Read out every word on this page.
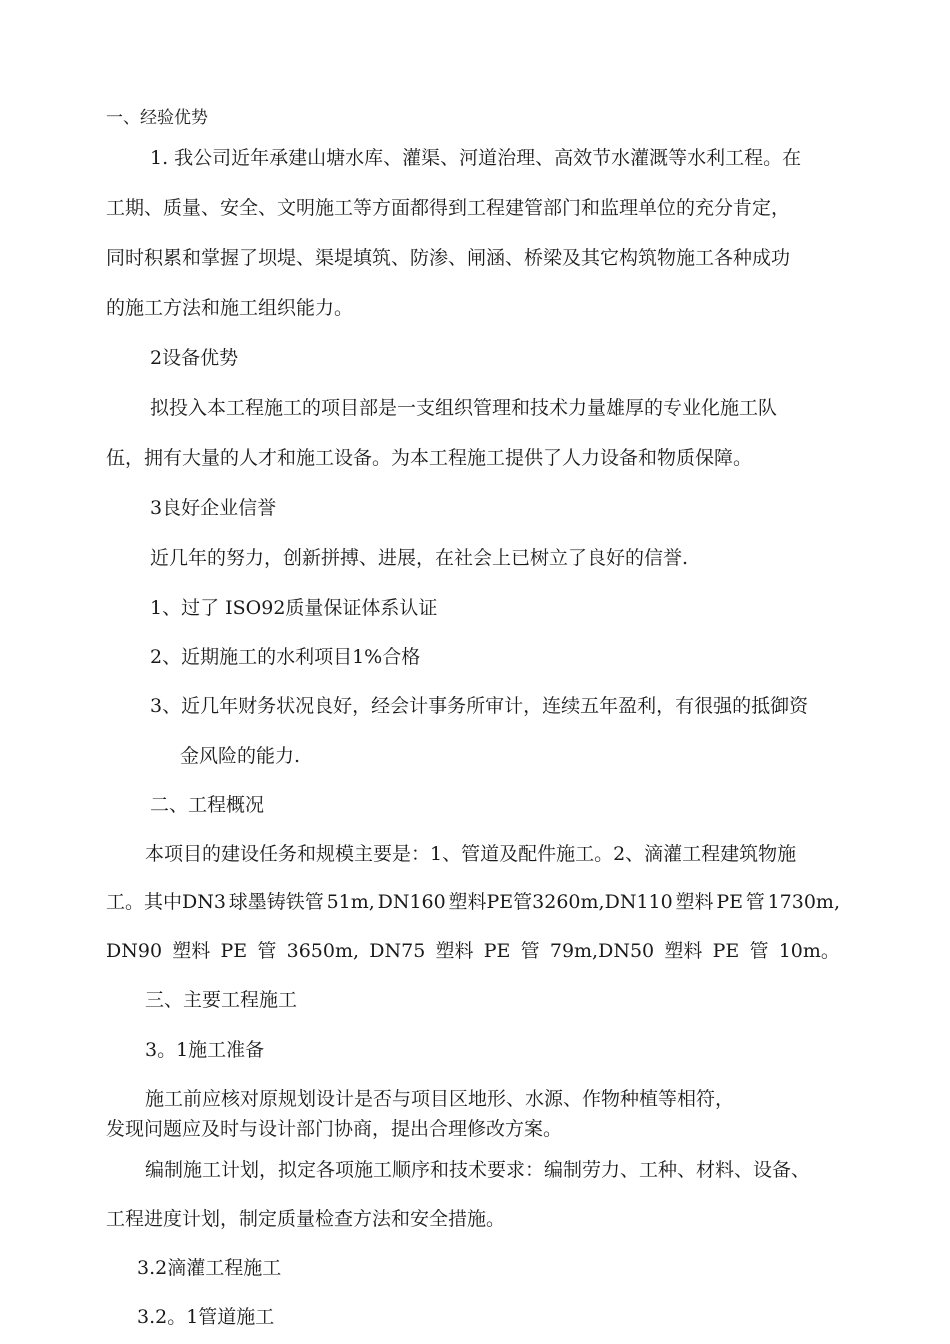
一、经验优势
1. 我公司近年承建山塘水库、灌渠、河道治理、高效节水灌溉等水利工程。在
工期、质量、安全、文明施工等方面都得到工程建管部门和监理单位的充分肯定，
同时积累和掌握了坝堤、渠堤填筑、防渗、闸涵、桥梁及其它构筑物施工各种成功
的施工方法和施工组织能力。
2设备优势
拟投入本工程施工的项目部是一支组织管理和技术力量雄厚的专业化施工队
伍，拥有大量的人才和施工设备。为本工程施工提供了人力设备和物质保障。
3良好企业信誉
近几年的努力，创新拼搏、进展，在社会上已树立了良好的信誉.
1、过了 ISO92质量保证体系认证
2、近期施工的水利项目1%合格
3、近几年财务状况良好，经会计事务所审计，连续五年盈利，有很强的抵御资
金风险的能力.
二、工程概况
本项目的建设任务和规模主要是：1、管道及配件施工。2、滴灌工程建筑物施
工。其中DN3 球墨铸铁管 51m, DN160 塑料PE管3260m,DN110 塑料 PE 管 1730m,
DN90 塑料 PE 管 3650m, DN75 塑料 PE 管 79m,DN50 塑料 PE 管 10m。
三、主要工程施工
3。1施工准备
施工前应核对原规划设计是否与项目区地形、水源、作物种植等相符，
发现问题应及时与设计部门协商，提出合理修改方案。
编制施工计划，拟定各项施工顺序和技术要求：编制劳力、工种、材料、设备、
工程进度计划，制定质量检查方法和安全措施。
3.2滴灌工程施工
3.2。1管道施工
